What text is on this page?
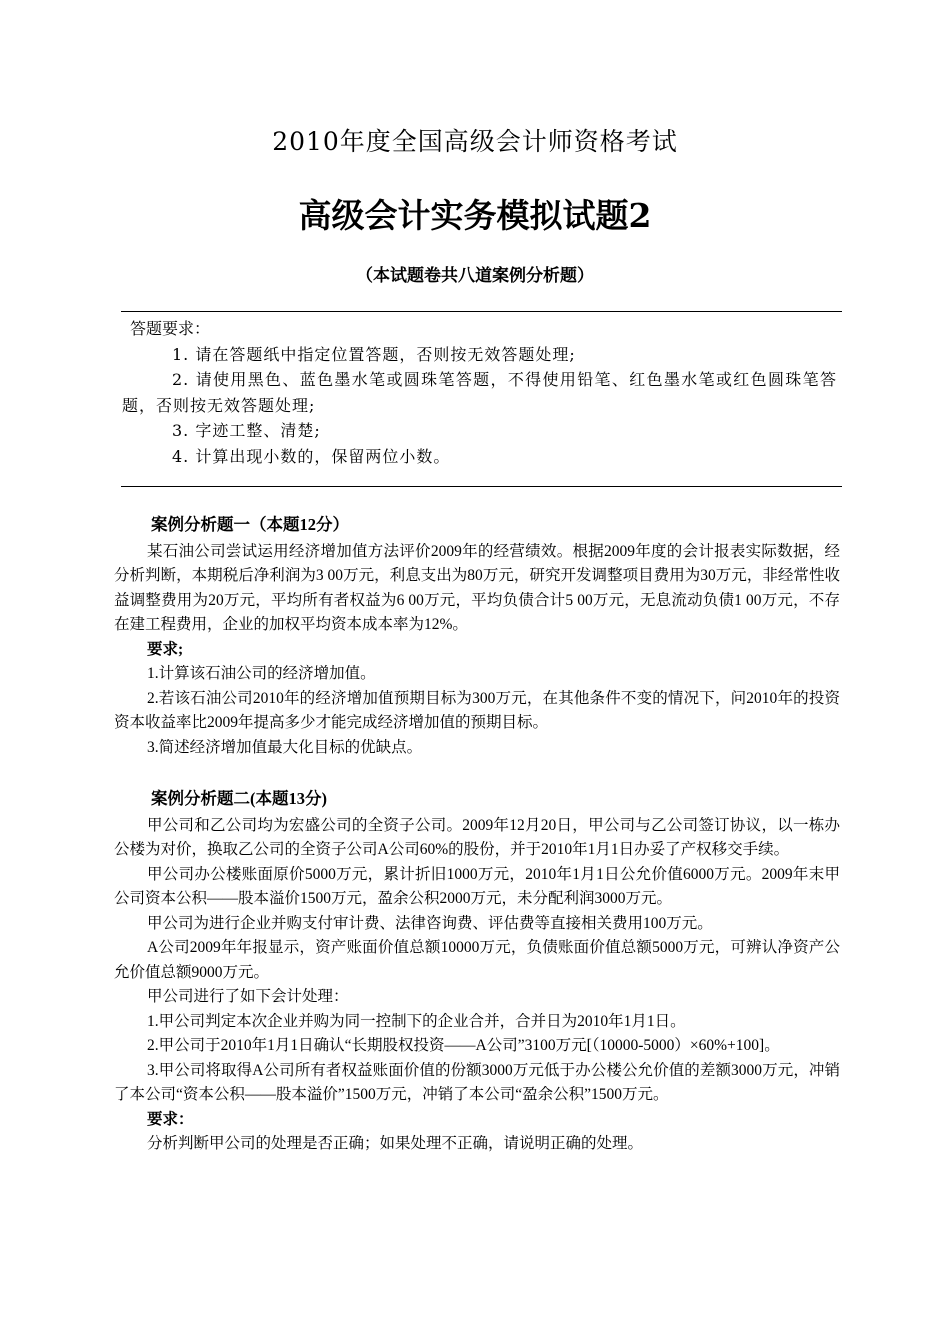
2010年度全国高级会计师资格考试
高级会计实务模拟试题2
（本试题卷共八道案例分析题）
答题要求：
1. 请在答题纸中指定位置答题，否则按无效答题处理;
2. 请使用黑色、蓝色墨水笔或圆珠笔答题，不得使用铅笔、红色墨水笔或红色圆珠笔答题，否则按无效答题处理;
3. 字迹工整、清楚;
4. 计算出现小数的，保留两位小数。
案例分析题一（本题12分）
某石油公司尝试运用经济增加值方法评价2009年的经营绩效。根据2009年度的会计报表实际数据，经分析判断，本期税后净利润为3 00万元，利息支出为80万元，研究开发调整项目费用为30万元，非经常性收益调整费用为20万元，平均所有者权益为6 00万元，平均负债合计5 00万元，无息流动负债1 00万元，不存在建工程费用，企业的加权平均资本成本率为12%。
要求;
1.计算该石油公司的经济增加值。
2.若该石油公司2010年的经济增加值预期目标为300万元，在其他条件不变的情况下，问2010年的投资资本收益率比2009年提高多少才能完成经济增加值的预期目标。
3.简述经济增加值最大化目标的优缺点。
案例分析题二(本题13分)
甲公司和乙公司均为宏盛公司的全资子公司。2009年12月20日，甲公司与乙公司签订协议，以一栋办公楼为对价，换取乙公司的全资子公司A公司60%的股份，并于2010年1月1日办妥了产权移交手续。
甲公司办公楼账面原价5000万元，累计折旧1000万元，2010年1月1日公允价值6000万元。2009年末甲公司资本公积——股本溢价1500万元，盈余公积2000万元，未分配利润3000万元。
甲公司为进行企业并购支付审计费、法律咨询费、评估费等直接相关费用100万元。
A公司2009年年报显示，资产账面价值总额10000万元，负债账面价值总额5000万元，可辨认净资产公允价值总额9000万元。
甲公司进行了如下会计处理：
1.甲公司判定本次企业并购为同一控制下的企业合并，合并日为2010年1月1日。
2.甲公司于2010年1月1日确认“长期股权投资——A公司”3100万元[（10000-5000）×60%+100]。
3.甲公司将取得A公司所有者权益账面价值的份额3000万元低于办公楼公允价值的差额3000万元，冲销了本公司“资本公积——股本溢价”1500万元，冲销了本公司“盈余公积”1500万元。
要求：
分析判断甲公司的处理是否正确；如果处理不正确，请说明正确的处理。
